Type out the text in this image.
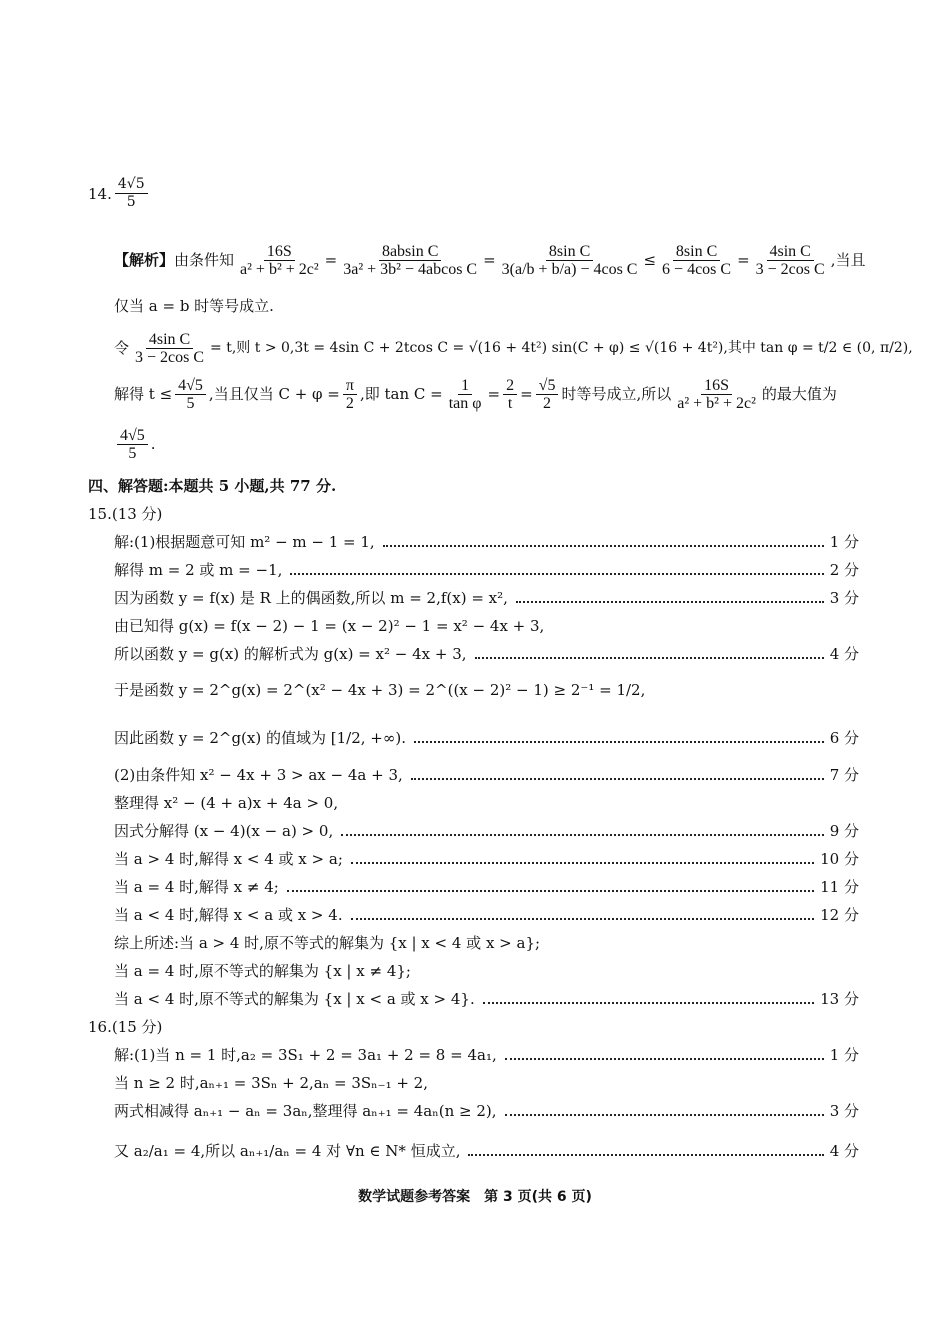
14. $\frac{4√5}{5}$
【解析】 由条件知 $\frac{16S}{\text{a² + b² + 2c²}} = \frac{\text{8absin C}}{\text{3a² + 3b² − 4abcos C}} = \frac{\text{8sin C}}{\text{3(a/b + b/a) − 4cos C}} \le \frac{\text{8sin C}}{\text{6 − 4cos C}} = \frac{\text{4sin C}}{\text{3 − 2cos C}}$ ,当且
仅当 a = b 时等号成立.
令 $\frac{\text{4sin C}}{\text{3 − 2cos C}} = t$,则 t > 0,3t = 4sin C + 2tcos C = √(16 + 4t²) sin(C + φ) ≤ √(16 + 4t²),其中 tan φ = t/2 ∈ (0, π/2),
解得 $t \le \frac{4√5}{5}$ ,当且仅当 $C + \varphi = \frac{\pi}{2}$ ,即 $\tan C = \frac{1}{\text{tan φ}} = \frac{2}{t} = \frac{√5}{2}$ 时等号成立,所以 $\frac{16S}{\text{a² + b² + 2c²}}$ 的最大值为
$\frac{4√5}{5}$ .
四、解答题:本题共 5 小题,共 77 分.
15.(13 分)
解:(1)根据题意可知 m² − m − 1 = 1,	1 分
解得 m = 2 或 m = −1,	2 分
因为函数 y = f(x) 是 R 上的偶函数,所以 m = 2,f(x) = x²,	3 分
由已知得 g(x) = f(x − 2) − 1 = (x − 2)² − 1 = x² − 4x + 3,
所以函数 y = g(x) 的解析式为 g(x) = x² − 4x + 3,	4 分
于是函数 y = 2^g(x) = 2^(x² − 4x + 3) = 2^((x − 2)² − 1) ≥ 2⁻¹ = 1/2,
因此函数 y = 2^g(x) 的值域为 [1/2, +∞).	6 分
(2)由条件知 x² − 4x + 3 > ax − 4a + 3,	7 分
整理得 x² − (4 + a)x + 4a > 0,
因式分解得 (x − 4)(x − a) > 0,	9 分
当 a > 4 时,解得 x < 4 或 x > a;	10 分
当 a = 4 时,解得 x ≠ 4;	11 分
当 a < 4 时,解得 x < a 或 x > 4.	12 分
综上所述:当 a > 4 时,原不等式的解集为 {x | x < 4 或 x > a};
当 a = 4 时,原不等式的解集为 {x | x ≠ 4};
当 a < 4 时,原不等式的解集为 {x | x < a 或 x > 4}.	13 分
16.(15 分)
解:(1)当 n = 1 时,a₂ = 3S₁ + 2 = 3a₁ + 2 = 8 = 4a₁,	1 分
当 n ≥ 2 时,aₙ₊₁ = 3Sₙ + 2,aₙ = 3Sₙ₋₁ + 2,
两式相减得 aₙ₊₁ − aₙ = 3aₙ,整理得 aₙ₊₁ = 4aₙ(n ≥ 2),	3 分
又 a₂/a₁ = 4,所以 aₙ₊₁/aₙ = 4 对 ∀n ∈ N* 恒成立,	4 分
数学试题参考答案　第 3 页(共 6 页)
